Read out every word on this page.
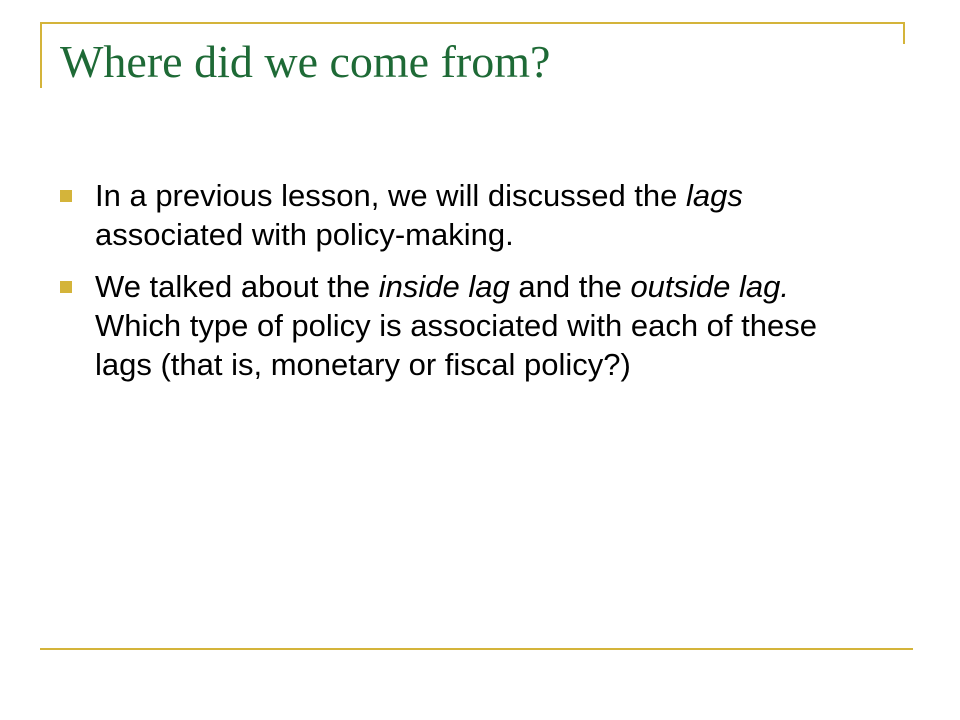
Where did we come from?
In a previous lesson, we will discussed the lags associated with policy-making.
We talked about the inside lag and the outside lag. Which type of policy is associated with each of these lags (that is, monetary or fiscal policy?)
